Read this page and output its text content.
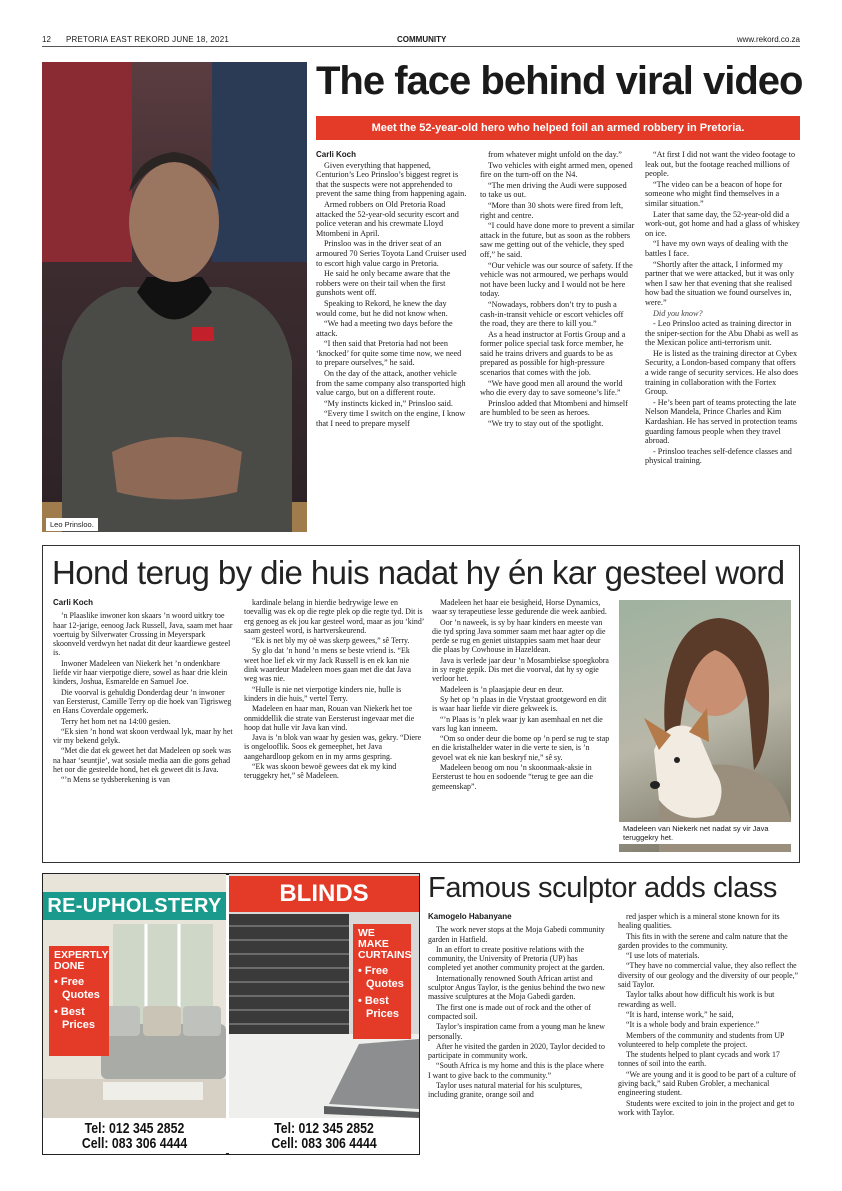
12 PRETORIA EAST REKORD JUNE 18, 2021	COMMUNITY	www.rekord.co.za
Leo Prinsloo.
The face behind viral video
Meet the 52-year-old hero who helped foil an armed robbery in Pretoria.

Carli Koch

Given everything that happened, Centurion’s Leo Prinsloo’s biggest regret is that the suspects were not apprehended to prevent the same thing from happening again.

Armed robbers on Old Pretoria Road attacked the 52-year-old security escort and police veteran and his crewmate Lloyd Mtombeni in April.

Prinsloo was in the driver seat of an armoured 70 Series Toyota Land Cruiser used to escort high value cargo in Pretoria.

He said he only became aware that the robbers were on their tail when the first gunshots went off.

Speaking to Rekord, he knew the day would come, but he did not know when.

“We had a meeting two days before the attack.

“I then said that Pretoria had not been ‘knocked’ for quite some time now, we need to prepare ourselves,” he said.

On the day of the attack, another vehicle from the same company also transported high value cargo, but on a different route.

“My instincts kicked in,” Prinsloo said.

“Every time I switch on the engine, I know that I need to prepare myself

from whatever might unfold on the day.”

Two vehicles with eight armed men, opened fire on the turn-off on the N4.

“The men driving the Audi were supposed to take us out.

“More than 30 shots were fired from left, right and centre.

“I could have done more to prevent a similar attack in the future, but as soon as the robbers saw me getting out of the vehicle, they sped off,” he said.

“Our vehicle was our source of safety. If the vehicle was not armoured, we perhaps would not have been lucky and I would not be here today.

“Nowadays, robbers don’t try to push a cash-in-transit vehicle or escort vehicles off the road, they are there to kill you.”

As a head instructor at Fortis Group and a former police special task force member, he said he trains drivers and guards to be as prepared as possible for high-pressure scenarios that comes with the job.

“We have good men all around the world who die every day to save someone’s life.”

Prinsloo added that Mtombeni and himself are humbled to be seen as heroes.

“We try to stay out of the spotlight.

“At first I did not want the video footage to leak out, but the footage reached millions of people.

“The video can be a beacon of hope for someone who might find themselves in a similar situation.”

Later that same day, the 52-year-old did a work-out, got home and had a glass of whiskey on ice.

“I have my own ways of dealing with the battles I face.

“Shortly after the attack, I informed my partner that we were attacked, but it was only when I saw her that evening that she realised how bad the situation we found ourselves in, were.”

Did you know?

- Leo Prinsloo acted as training director in the sniper-section for the Abu Dhabi as well as the Mexican police anti-terrorism unit.

He is listed as the training director at Cybex Security, a London-based company that offers a wide range of security services. He also does training in collaboration with the Fortex Group.

- He’s been part of teams protecting the late Nelson Mandela, Prince Charles and Kim Kardashian. He has served in protection teams guarding famous people when they travel abroad.

- Prinsloo teaches self-defence classes and physical training.

Hond terug by die huis nadat hy én kar gesteel word

Carli Koch

’n Plaaslike inwoner kon skaars ’n woord uitkry toe haar 12-jarige, eenoog Jack Russell, Java, saam met haar voertuig by Silverwater Crossing in Meyerspark skoonveld verdwyn het nadat dit deur kaardiewe gesteel is.

Inwoner Madeleen van Niekerk het ’n ondenkbare liefde vir haar vierpotige diere, sowel as haar drie klein kinders, Joshua, Esmarelde en Samuel Joe.

Die voorval is gehuldig Donderdag deur ’n inwoner van Eersterust, Camille Terry op die hoek van Tigrisweg en Hans Coverdale opgemerk.

Terry het hom net na 14:00 gesien.

“Ek sien ’n hond wat skoon verdwaal lyk, maar hy het vir my bekend gelyk.

“Met die dat ek geweet het dat Madeleen op soek was na haar ‘seuntjie’, wat sosiale media aan die gons gehad het oor die gesteelde hond, het ek geweet dit is Java.

“’n Mens se tydsberekening is van

kardinale belang in hierdie bedrywige lewe en toevallig was ek op die regte plek op die regte tyd. Dit is erg genoeg as ek jou kar gesteel word, maar as jou ‘kind’ saam gesteel word, is hartverskeurend.

“Ek is net bly my oë was skerp gewees,” sê Terry.

Sy glo dat ’n hond ’n mens se beste vriend is. “Ek weet hoe lief ek vir my Jack Russell is en ek kan nie dink waardeur Madeleen moes gaan met die dat Java weg was nie.

“Hulle is nie net vierpotige kinders nie, hulle is kinders in die huis,” vertel Terry.

Madeleen en haar man, Rouan van Niekerk het toe onmiddellik die strate van Eersterust ingevaar met die hoop dat hulle vir Java kan vind.

Java is ’n blok van waar hy gesien was, gekry. “Diere is ongelooflik. Soos ek gemeephet, het Java aangehardloop gekom en in my arms gespring.

“Ek was skoon bewoë gewees dat ek my kind teruggekry het,” sê Madeleen.

Madeleen het haar eie besigheid, Horse Dynamics, waar sy terapeutiese lesse gedurende die week aanbied.

Oor ’n naweek, is sy by haar kinders en meeste van die tyd spring Java sommer saam met haar agter op die perde se rug en geniet uitstappies saam met haar deur die plaas by Cowhouse in Hazeldean.

Java is verlede jaar deur ’n Mosambiekse spoegkobra in sy regte gepik. Dis met die voorval, dat hy sy ogie verloor het.

Madeleen is ’n plaasjapie deur en deur.

Sy het op ’n plaas in die Vrystaat grootgeword en dit is waar haar liefde vir diere gekweek is.

“’n Plaas is ’n plek waar jy kan asemhaal en net die vars lug kan inneem.

“Om so onder deur die bome op ’n perd se rug te stap en die kristalhelder water in die verte te sien, is ’n gevoel wat ek nie kan beskryf nie,” sê sy.

Madeleen beoog om nou ’n skoonmaak-aksie in Eersterust te hou en sodoende “terug te gee aan die gemeenskap”.

Madeleen van Niekerk net nadat sy vir Java teruggekry het.
RE-UPHOLSTERY
EXPERTLY DONE
• Free Quotes
• Best Prices
Tel: 012 345 2852
Cell: 083 306 4444
BLINDS
WE MAKE CURTAINS
• Free Quotes
• Best Prices
Tel: 012 345 2852
Cell: 083 306 4444
Famous sculptor adds class

Kamogelo Habanyane

The work never stops at the Moja Gabedi community garden in Hatfield.

In an effort to create positive relations with the community, the University of Pretoria (UP) has completed yet another community project at the garden.

Internationally renowned South African artist and sculptor Angus Taylor, is the genius behind the two new massive sculptures at the Moja Gabedi garden.

The first one is made out of rock and the other of compacted soil.

Taylor’s inspiration came from a young man he knew personally.

After he visited the garden in 2020, Taylor decided to participate in community work.

“South Africa is my home and this is the place where I want to give back to the community.”

Taylor uses natural material for his sculptures, including granite, orange soil and

red jasper which is a mineral stone known for its healing qualities.

This fits in with the serene and calm nature that the garden provides to the community.

“I use lots of materials.

“They have no commercial value, they also reflect the diversity of our geology and the diversity of our people,” said Taylor.

Taylor talks about how difficult his work is but rewarding as well.

“It is hard, intense work,” he said,

“It is a whole body and brain experience.”

Members of the community and students from UP volunteered to help complete the project.

The students helped to plant cycads and work 17 tonnes of soil into the earth.

“We are young and it is good to be part of a culture of giving back,” said Ruben Grobler, a mechanical engineering student.

Students were excited to join in the project and get to work with Taylor.
